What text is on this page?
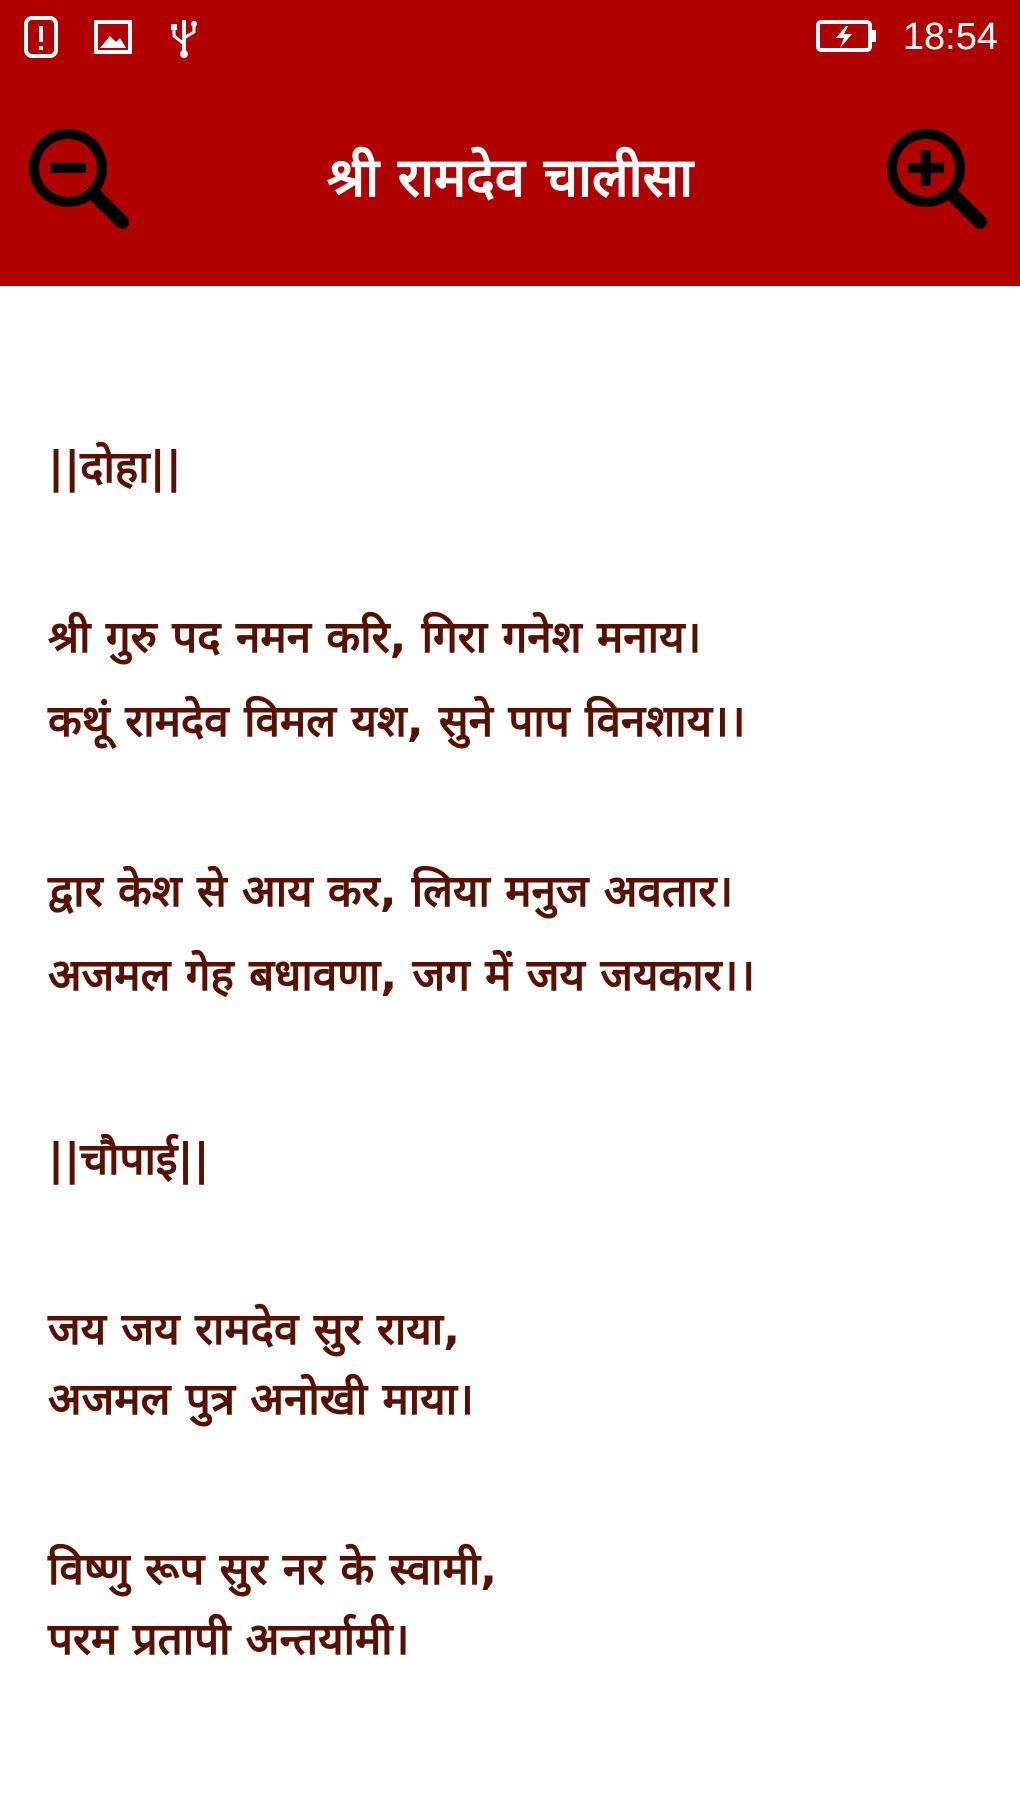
18:54
श्री रामदेव चालीसा
||दोहा||
श्री गुरु पद नमन करि, गिरा गनेश मनाय।
कथूं रामदेव विमल यश, सुने पाप विनशाय।।
द्वार केश से आय कर, लिया मनुज अवतार।
अजमल गेह बधावणा, जग में जय जयकार।।
||चौपाई||
जय जय रामदेव सुर राया,
अजमल पुत्र अनोखी माया।
विष्णु रूप सुर नर के स्वामी,
परम प्रतापी अन्तर्यामी।
